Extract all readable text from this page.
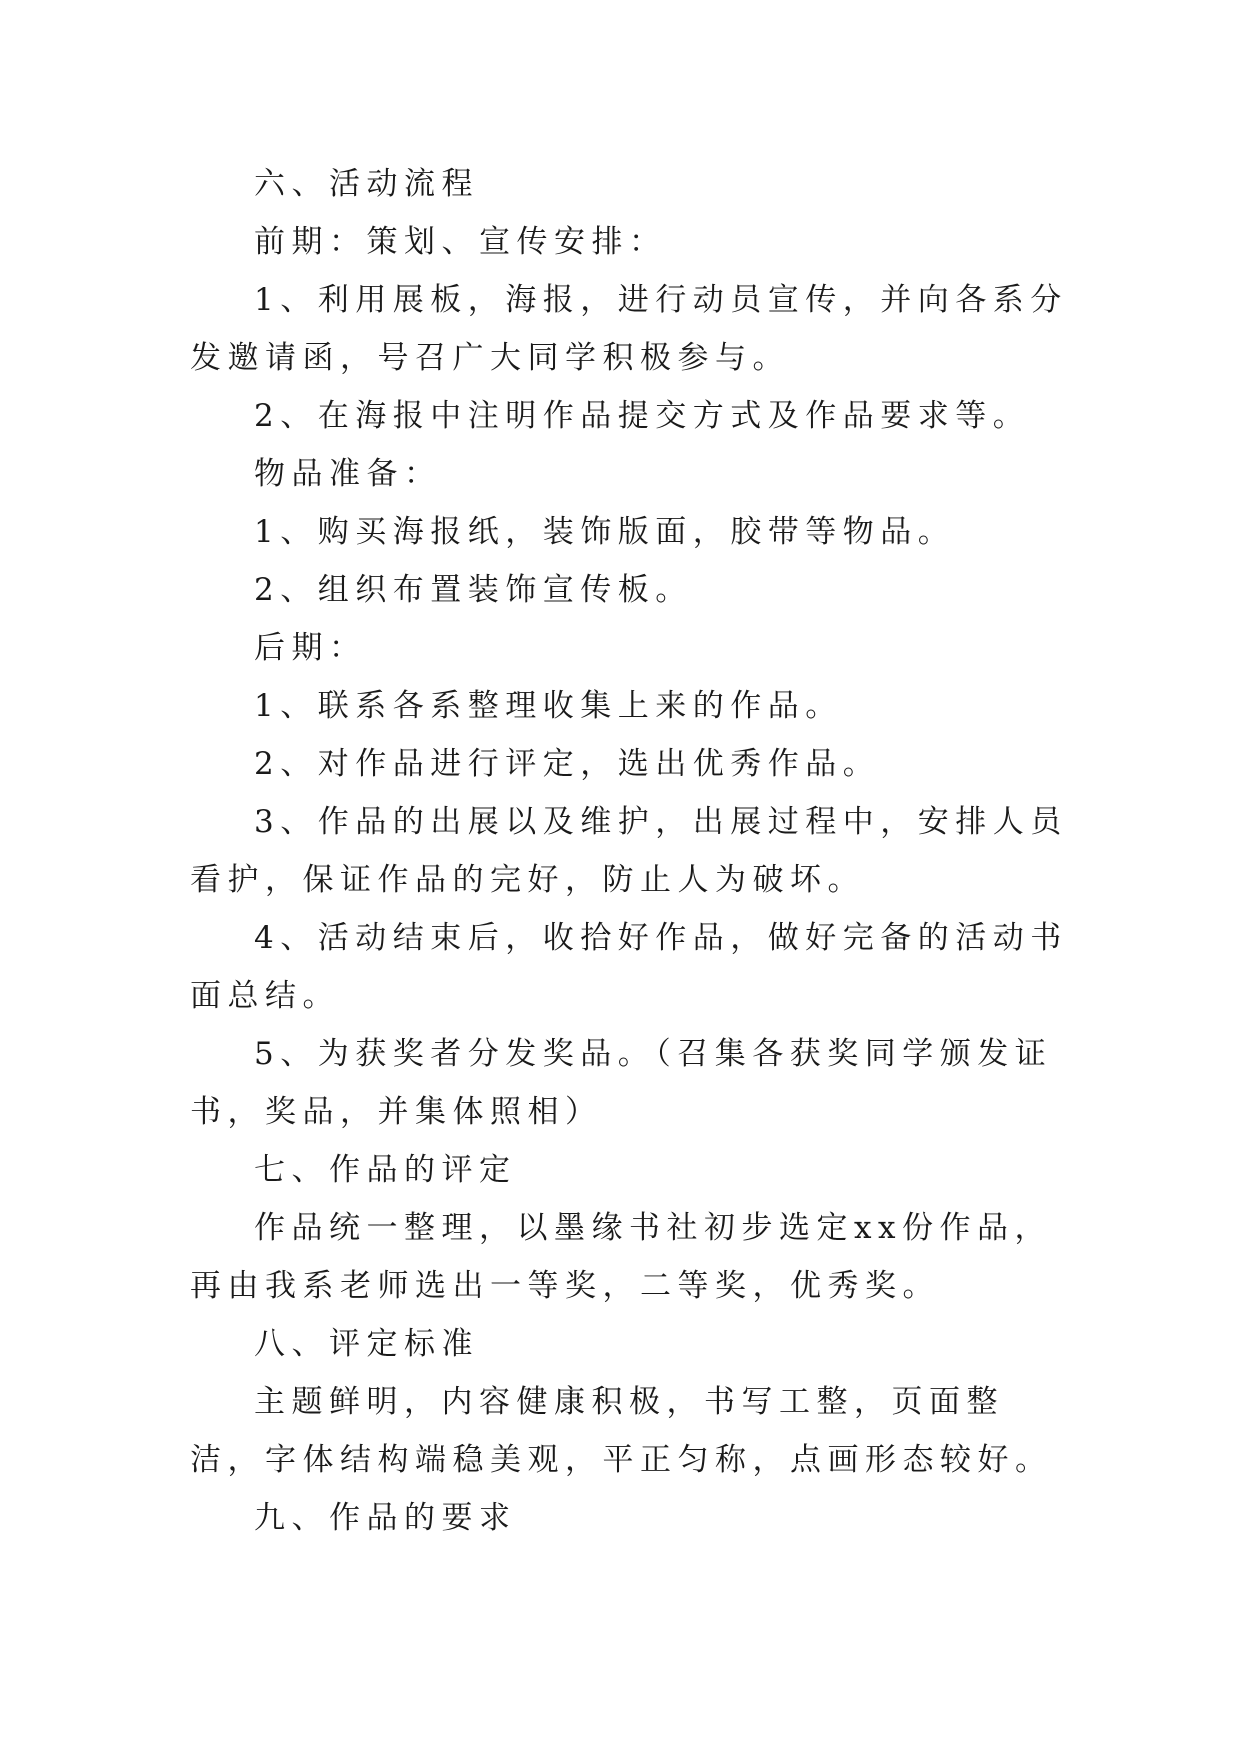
六、活动流程

前期：策划、宣传安排：

1、利用展板，海报，进行动员宣传，并向各系分发邀请函，号召广大同学积极参与。

2、在海报中注明作品提交方式及作品要求等。

物品准备：

1、购买海报纸，装饰版面，胶带等物品。

2、组织布置装饰宣传板。

后期：

1、联系各系整理收集上来的作品。

2、对作品进行评定，选出优秀作品。

3、作品的出展以及维护，出展过程中，安排人员看护，保证作品的完好，防止人为破坏。

4、活动结束后，收拾好作品，做好完备的活动书面总结。

5、为获奖者分发奖品。（召集各获奖同学颁发证书，奖品，并集体照相）

七、作品的评定

作品统一整理，以墨缘书社初步选定xx份作品，再由我系老师选出一等奖，二等奖，优秀奖。

八、评定标准

主题鲜明，内容健康积极，书写工整，页面整洁，字体结构端稳美观，平正匀称，点画形态较好。

九、作品的要求
